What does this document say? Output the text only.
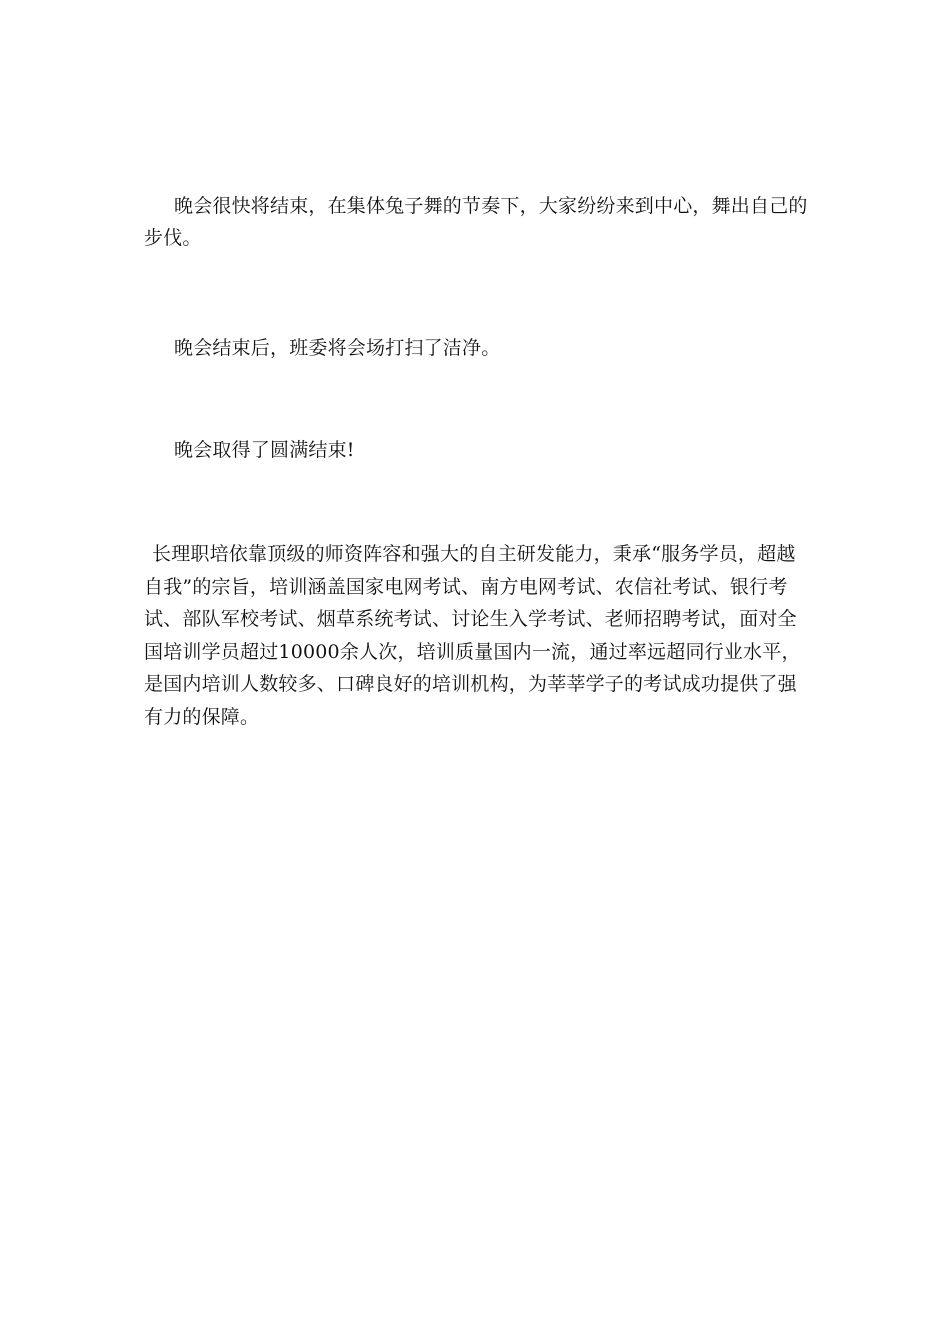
晚会很快将结束，在集体兔子舞的节奏下，大家纷纷来到中心，舞出自己的步伐。

晚会结束后，班委将会场打扫了洁净。

晚会取得了圆满结束!

长理职培依靠顶级的师资阵容和强大的自主研发能力，秉承“服务学员，超越自我”的宗旨，培训涵盖国家电网考试、南方电网考试、农信社考试、银行考试、部队军校考试、烟草系统考试、讨论生入学考试、老师招聘考试，面对全国培训学员超过10000余人次，培训质量国内一流，通过率远超同行业水平，是国内培训人数较多、口碑良好的培训机构，为莘莘学子的考试成功提供了强有力的保障。
